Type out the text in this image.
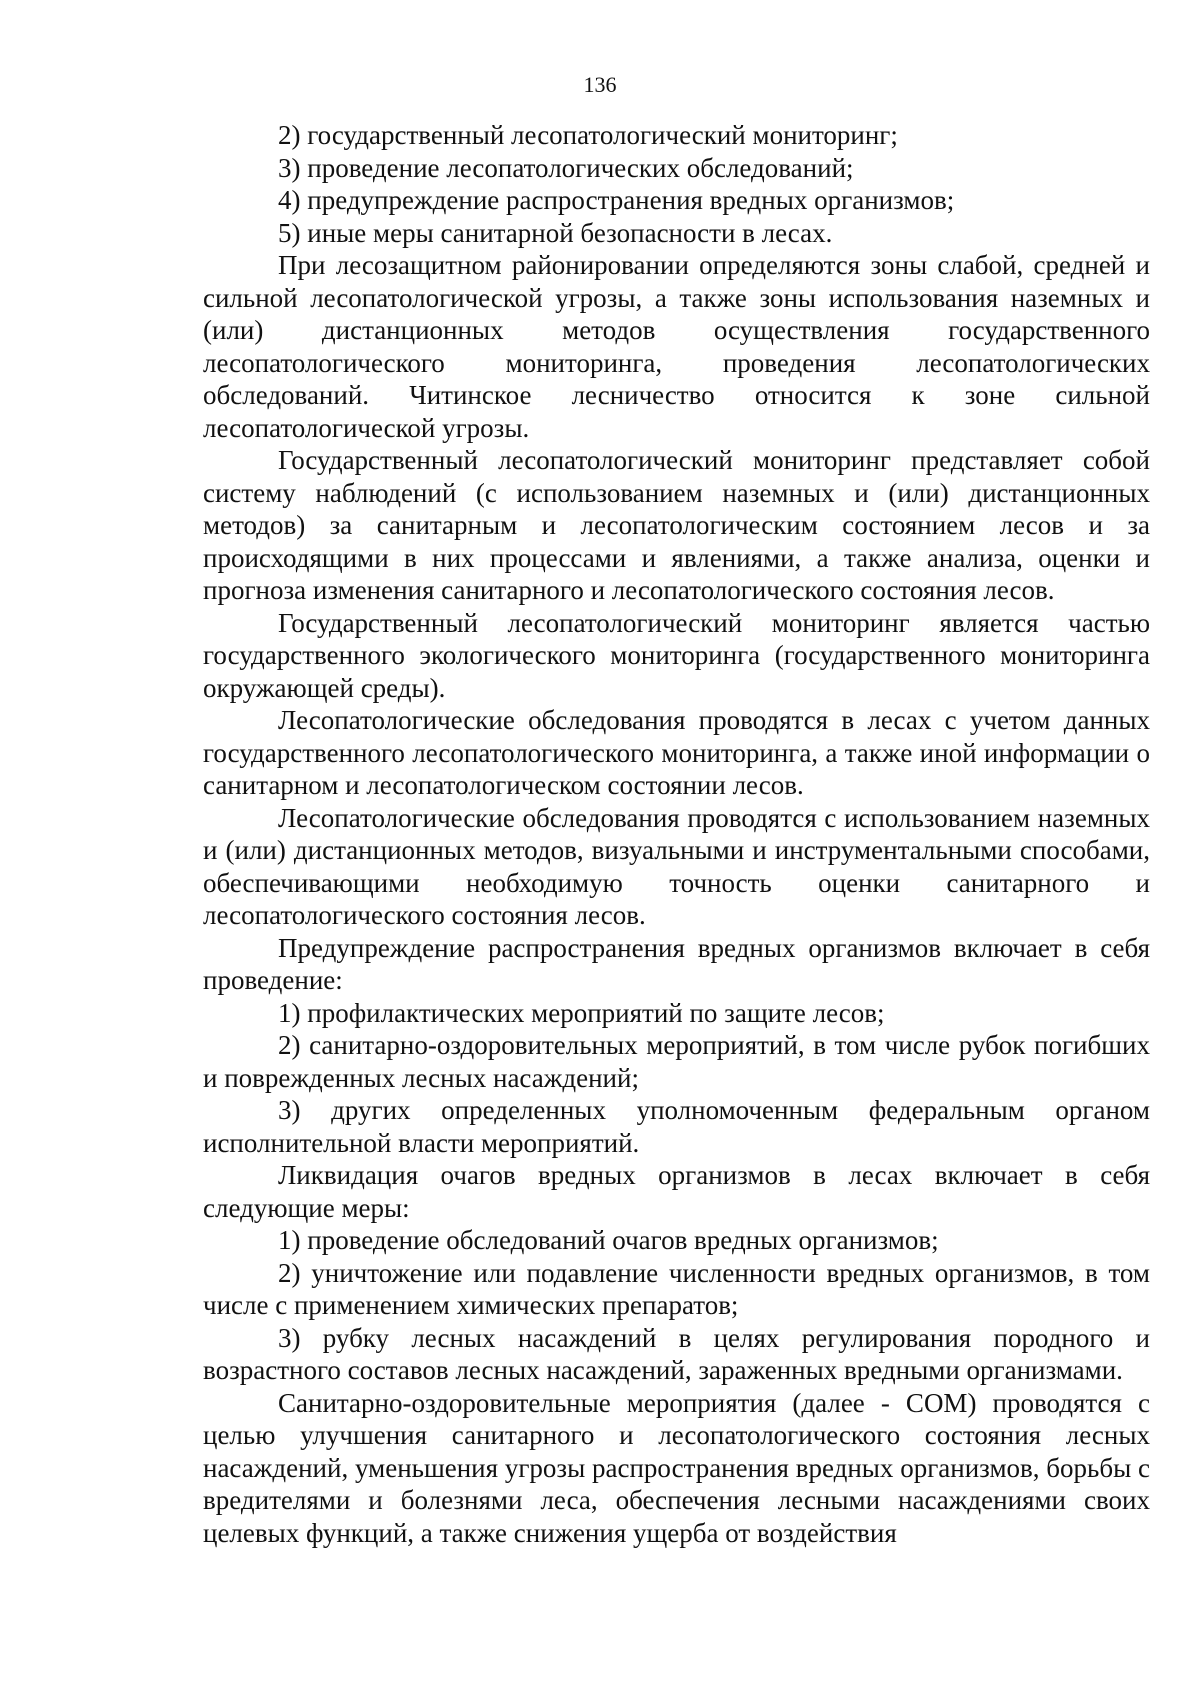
136

2) государственный лесопатологический мониторинг;

3) проведение лесопатологических обследований;

4) предупреждение распространения вредных организмов;

5) иные меры санитарной безопасности в лесах.

При лесозащитном районировании определяются зоны слабой, средней и сильной лесопатологической угрозы, а также зоны использования наземных и (или) дистанционных методов осуществления государственного лесопатологического мониторинга, проведения лесопатологических обследований. Читинское лесничество относится к зоне сильной лесопатологической угрозы.

Государственный лесопатологический мониторинг представляет собой систему наблюдений (с использованием наземных и (или) дистанционных методов) за санитарным и лесопатологическим состоянием лесов и за происходящими в них процессами и явлениями, а также анализа, оценки и прогноза изменения санитарного и лесопатологического состояния лесов.

Государственный лесопатологический мониторинг является частью государственного экологического мониторинга (государственного мониторинга окружающей среды).

Лесопатологические обследования проводятся в лесах с учетом данных государственного лесопатологического мониторинга, а также иной информации о санитарном и лесопатологическом состоянии лесов.

Лесопатологические обследования проводятся с использованием наземных и (или) дистанционных методов, визуальными и инструментальными способами, обеспечивающими необходимую точность оценки санитарного и лесопатологического состояния лесов.

Предупреждение распространения вредных организмов включает в себя проведение:

1) профилактических мероприятий по защите лесов;

2) санитарно-оздоровительных мероприятий, в том числе рубок погибших и поврежденных лесных насаждений;

3) других определенных уполномоченным федеральным органом исполнительной власти мероприятий.

Ликвидация очагов вредных организмов в лесах включает в себя следующие меры:

1) проведение обследований очагов вредных организмов;

2) уничтожение или подавление численности вредных организмов, в том числе с применением химических препаратов;

3) рубку лесных насаждений в целях регулирования породного и возрастного составов лесных насаждений, зараженных вредными организмами.

Санитарно-оздоровительные мероприятия (далее - СОМ) проводятся с целью улучшения санитарного и лесопатологического состояния лесных насаждений, уменьшения угрозы распространения вредных организмов, борьбы с вредителями и болезнями леса, обеспечения лесными насаждениями своих целевых функций, а также снижения ущерба от воздействия
